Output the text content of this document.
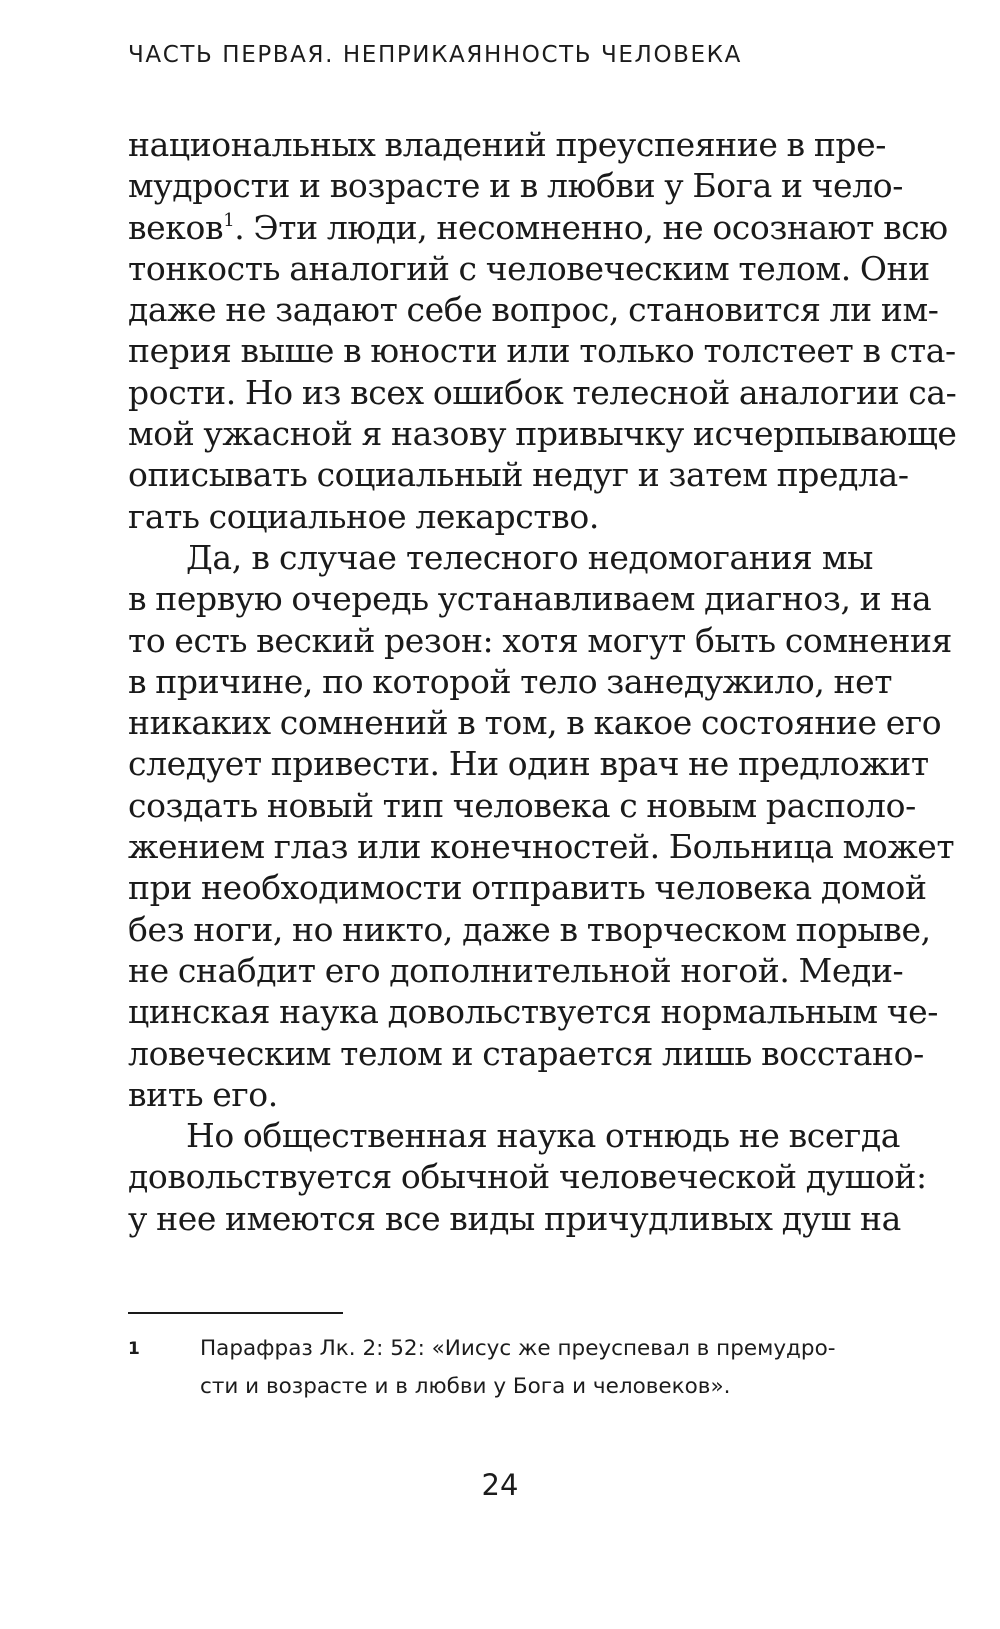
ЧАСТЬ ПЕРВАЯ. НЕПРИКАЯННОСТЬ ЧЕЛОВЕКА
национальных владений преуспеяние в пре-
мудрости и возрасте и в любви у Бога и чело-
веков$^1$. Эти люди, несомненно, не осознают всю
тонкость аналогий с человеческим телом. Они
даже не задают себе вопрос, становится ли им-
перия выше в юности или только толстеет в ста-
рости. Но из всех ошибок телесной аналогии са-
мой ужасной я назову привычку исчерпывающе
описывать социальный недуг и затем предла-
гать социальное лекарство.
Да, в случае телесного недомогания мы
в первую очередь устанавливаем диагноз, и на
то есть веский резон: хотя могут быть сомнения
в причине, по которой тело занедужило, нет
никаких сомнений в том, в какое состояние его
следует привести. Ни один врач не предложит
создать новый тип человека с новым располо-
жением глаз или конечностей. Больница может
при необходимости отправить человека домой
без ноги, но никто, даже в творческом порыве,
не снабдит его дополнительной ногой. Меди-
цинская наука довольствуется нормальным че-
ловеческим телом и старается лишь восстано-
вить его.
Но общественная наука отнюдь не всегда
довольствуется обычной человеческой душой:
у нее имеются все виды причудливых душ на
1	Парафраз Лк. 2: 52: «Иисус же преуспевал в премудро-
сти и возрасте и в любви у Бога и человеков».
24
